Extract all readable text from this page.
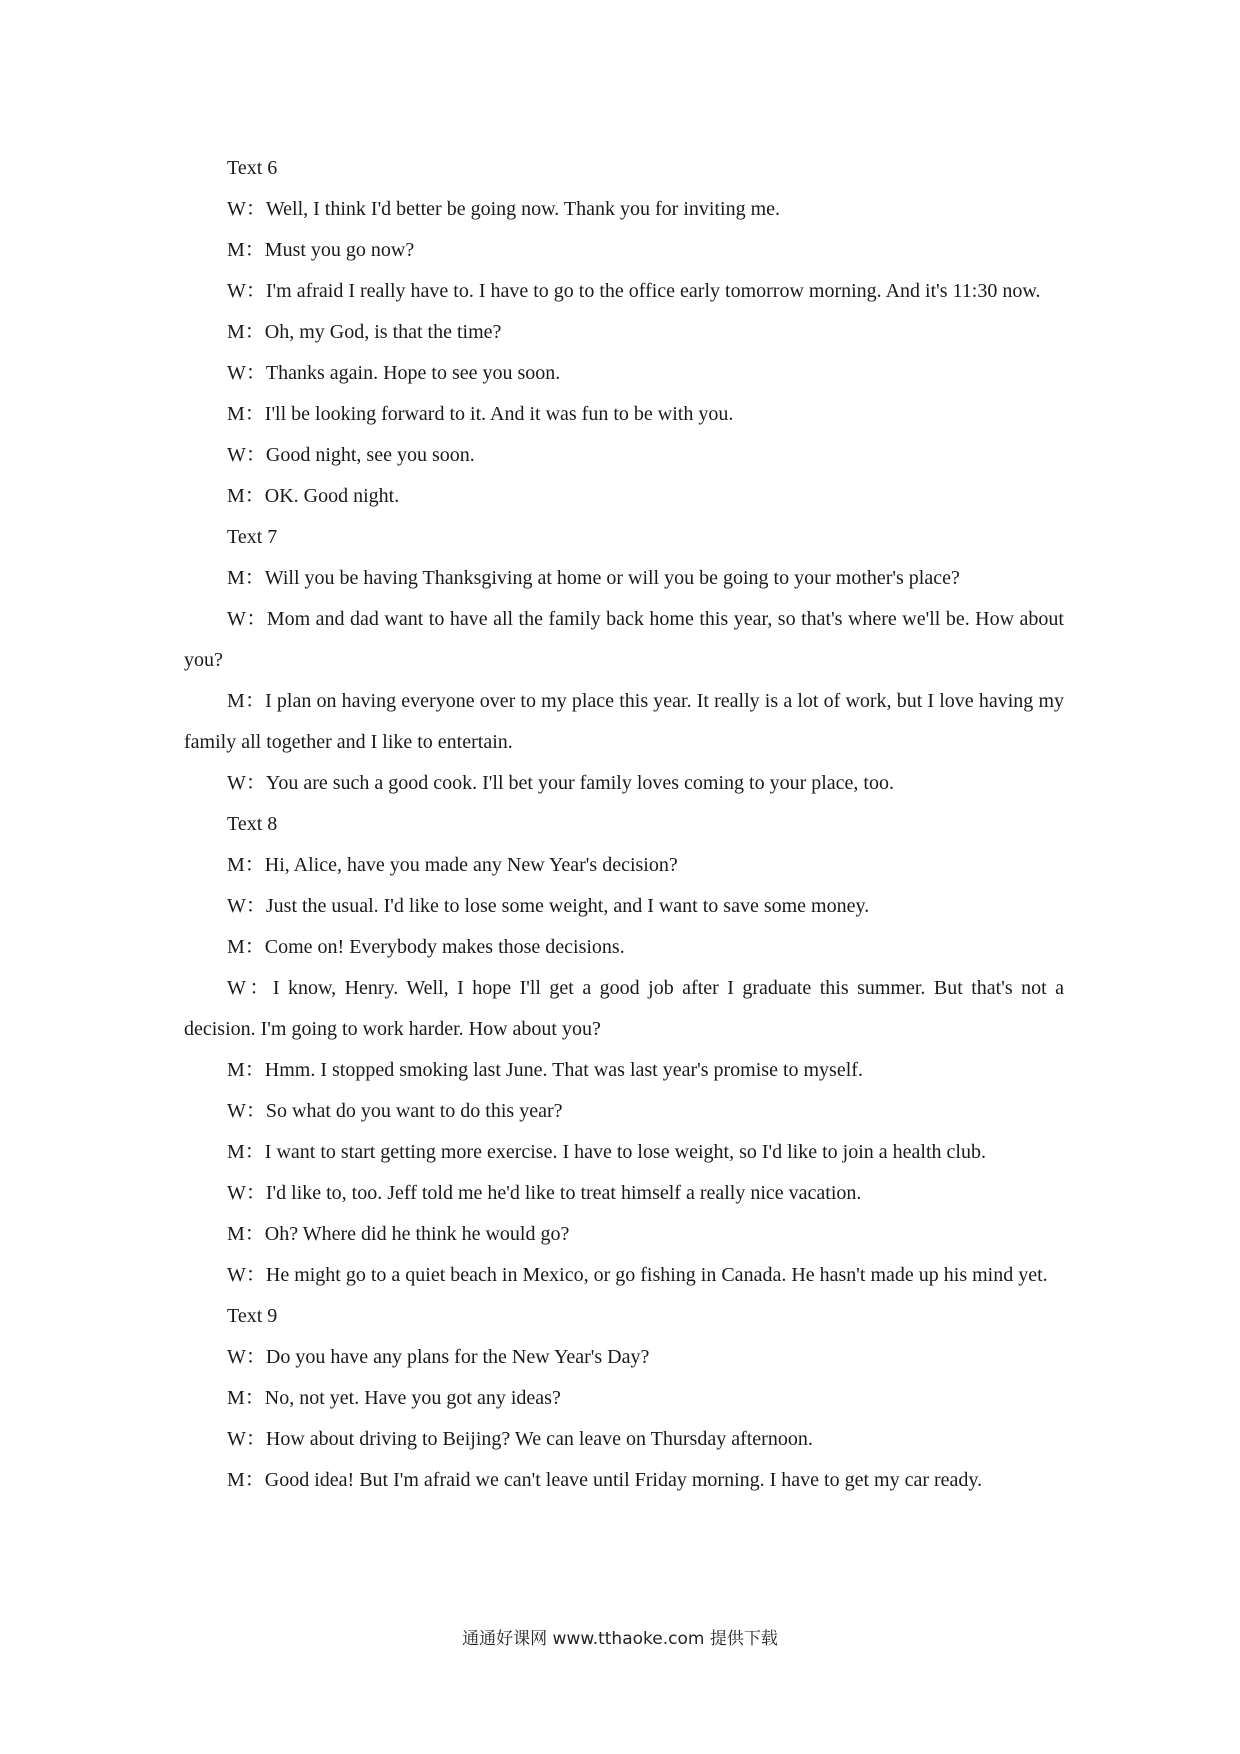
Text 6
W：Well, I think I'd better be going now. Thank you for inviting me.
M：Must you go now?
W：I'm afraid I really have to. I have to go to the office early tomorrow morning. And it's 11:30 now.
M：Oh, my God, is that the time?
W：Thanks again. Hope to see you soon.
M：I'll be looking forward to it. And it was fun to be with you.
W：Good night, see you soon.
M：OK. Good night.
Text 7
M：Will you be having Thanksgiving at home or will you be going to your mother's place?
W：Mom and dad want to have all the family back home this year, so that's where we'll be. How about you?
M：I plan on having everyone over to my place this year. It really is a lot of work, but I love having my family all together and I like to entertain.
W：You are such a good cook. I'll bet your family loves coming to your place, too.
Text 8
M：Hi, Alice, have you made any New Year's decision?
W：Just the usual. I'd like to lose some weight, and I want to save some money.
M：Come on! Everybody makes those decisions.
W：I know, Henry. Well, I hope I'll get a good job after I graduate this summer. But that's not a decision. I'm going to work harder. How about you?
M：Hmm. I stopped smoking last June. That was last year's promise to myself.
W：So what do you want to do this year?
M：I want to start getting more exercise. I have to lose weight, so I'd like to join a health club.
W：I'd like to, too. Jeff told me he'd like to treat himself a really nice vacation.
M：Oh? Where did he think he would go?
W：He might go to a quiet beach in Mexico, or go fishing in Canada. He hasn't made up his mind yet.
Text 9
W：Do you have any plans for the New Year's Day?
M：No, not yet. Have you got any ideas?
W：How about driving to Beijing? We can leave on Thursday afternoon.
M：Good idea! But I'm afraid we can't leave until Friday morning. I have to get my car ready.
通通好课网 www.tthaoke.com 提供下载
